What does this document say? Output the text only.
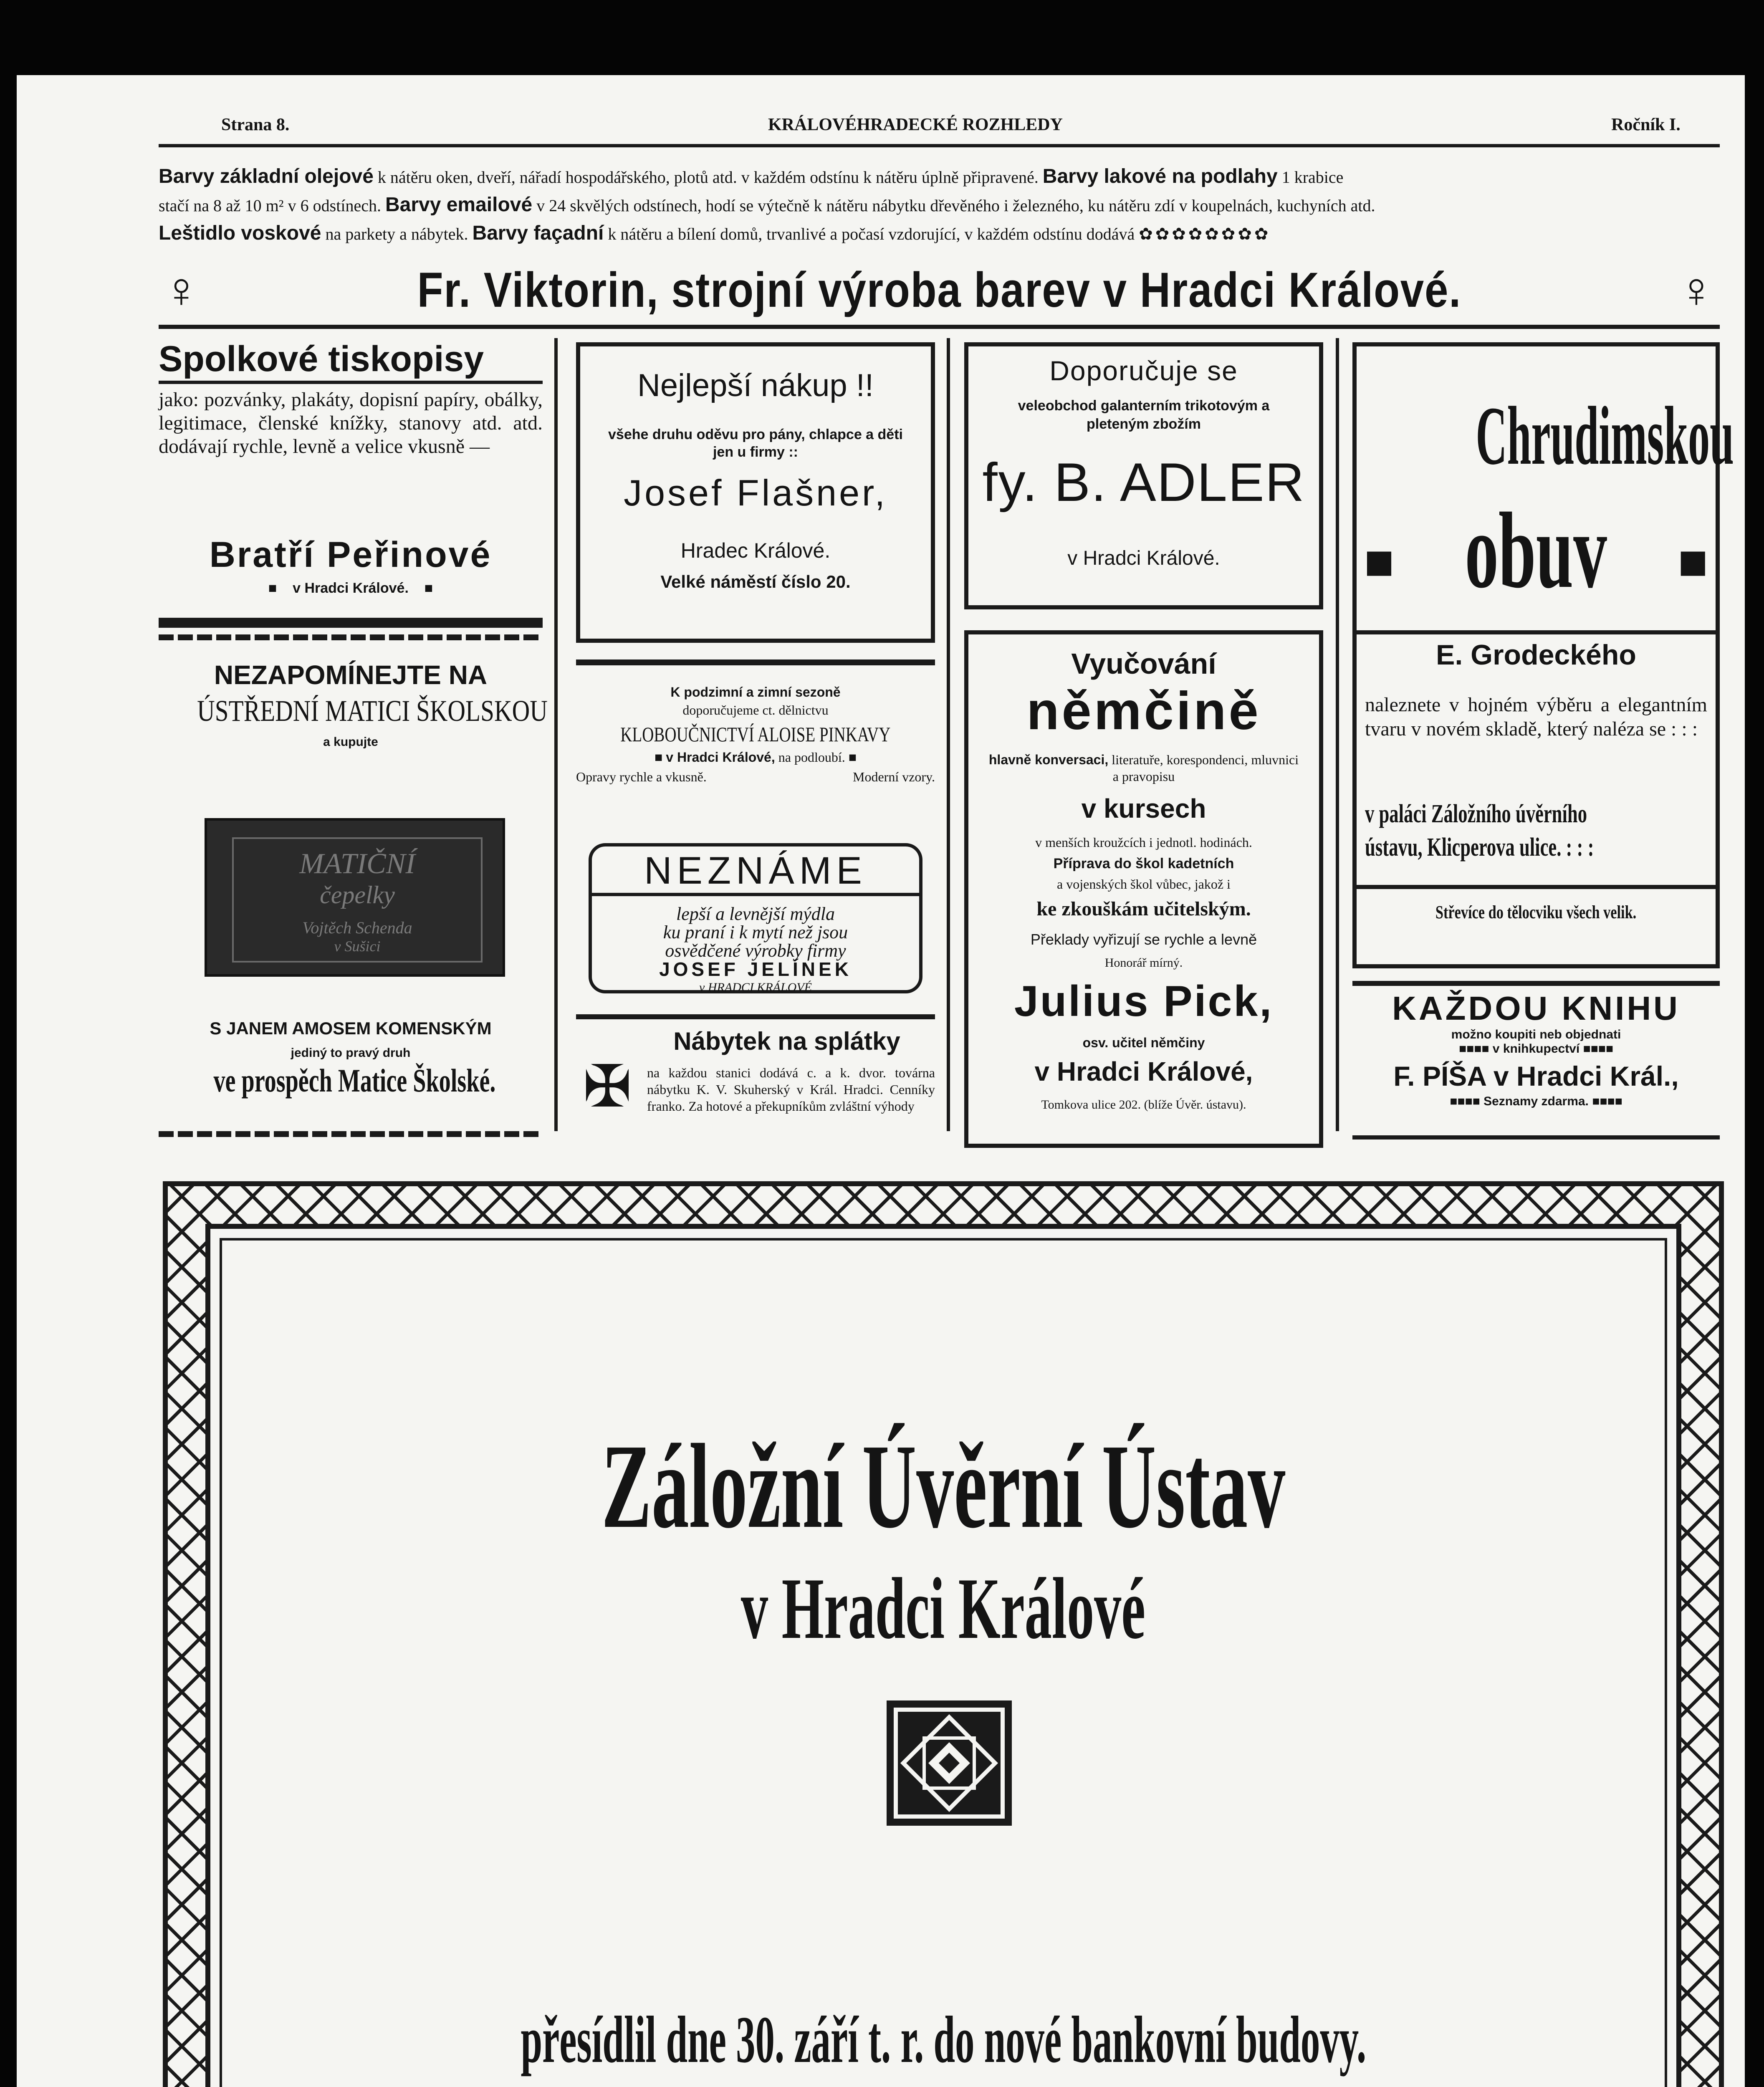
Strana 8.	KRÁLOVÉHRADECKÉ ROZHLEDY	Ročník I.
Barvy základní olejové k nátěru oken, dveří, nářadí hospodářského, plotů atd. v každém odstínu k nátěru úplně připravené. Barvy lakové na podlahy 1 krabice
stačí na 8 až 10 m² v 6 odstínech. Barvy emailové v 24 skvělých odstínech, hodí se výtečně k nátěru nábytku dřevěného i železného, ku nátěru zdí v koupelnách, kuchyních atd.
Leštidlo voskové na parkety a nábytek. Barvy façadní k nátěru a bílení domů, trvanlivé a počasí vzdorující, v každém odstínu dodává ✿✿✿✿✿✿✿✿
♀	Fr. Viktorin, strojní výroba barev v Hradci Králové.	♀
Spolkové tiskopisy
jako: pozvánky, plakáty, dopisní papíry, obálky, legitimace, členské knížky, stanovy atd. atd. dodávají rychle, levně a velice vkusně —
Bratří Peřinové
■    v Hradci Králové.    ■
NEZAPOMÍNEJTE NA
ÚSTŘEDNÍ MATICI ŠKOLSKOU
a kupujte
MATIČNÍ
čepelky
Vojtěch Schenda
v Sušici
S JANEM AMOSEM KOMENSKÝM
jediný to pravý druh
ve prospěch Matice Školské.
Nejlepší nákup !!
všehe druhu oděvu pro pány, chlapce a děti jen u firmy ::
Josef Flašner,
Hradec Králové.
Velké náměstí číslo 20.
K podzimní a zimní sezoně
doporučujeme ct. dělnictvu
KLOBOUČNICTVÍ ALOISE PINKAVY
■ v Hradci Králové, na podloubí. ■
Opravy rychle a vkusně.	Moderní vzory.
NEZNÁME
lepší a levnější mýdla
ku praní i k mytí než jsou
osvědčené výrobky firmy
JOSEF JELÍNEK
v HRADCI KRÁLOVÉ
✠
Nábytek na splátky
na každou stanici dodává c. a k. dvor. továrna nábytku K. V. Skuherský v Král. Hradci. Cenníky franko. Za hotové a překupníkům zvláštní výhody
Doporučuje se
veleobchod galanterním trikotovým a pleteným zbožím
fy. B. ADLER
v Hradci Králové.
Vyučování
němčině
hlavně konversaci, literatuře, korespondenci, mluvnici a pravopisu
v kursech
v menších kroužcích i jednotl. hodinách.
Příprava do škol kadetních
a vojenských škol vůbec, jakož i
ke zkouškám učitelským.
Překlady vyřizují se rychle a levně
Honorář mírný.
Julius Pick,
osv. učitel němčiny
v Hradci Králové,
Tomkova ulice 202. (blíže Úvěr. ústavu).
Chrudimskou
■ obuv ■
E. Grodeckého
naleznete v hojném výběru a elegantním tvaru v novém skladě, který naléza se : : :
v paláci Záložního úvěrního ústavu, Klicperova ulice. : : :
Střevíce do tělocviku všech velik.
KAŽDOU KNIHU
možno koupiti neb objednati
■■■■ v knihkupectví ■■■■
F. PÍŠA v Hradci Král.,
■■■■ Seznamy zdarma. ■■■■
Záložní Úvěrní Ústav
v Hradci Králové
přesídlil dne 30. září t. r. do nové bankovní budovy.
